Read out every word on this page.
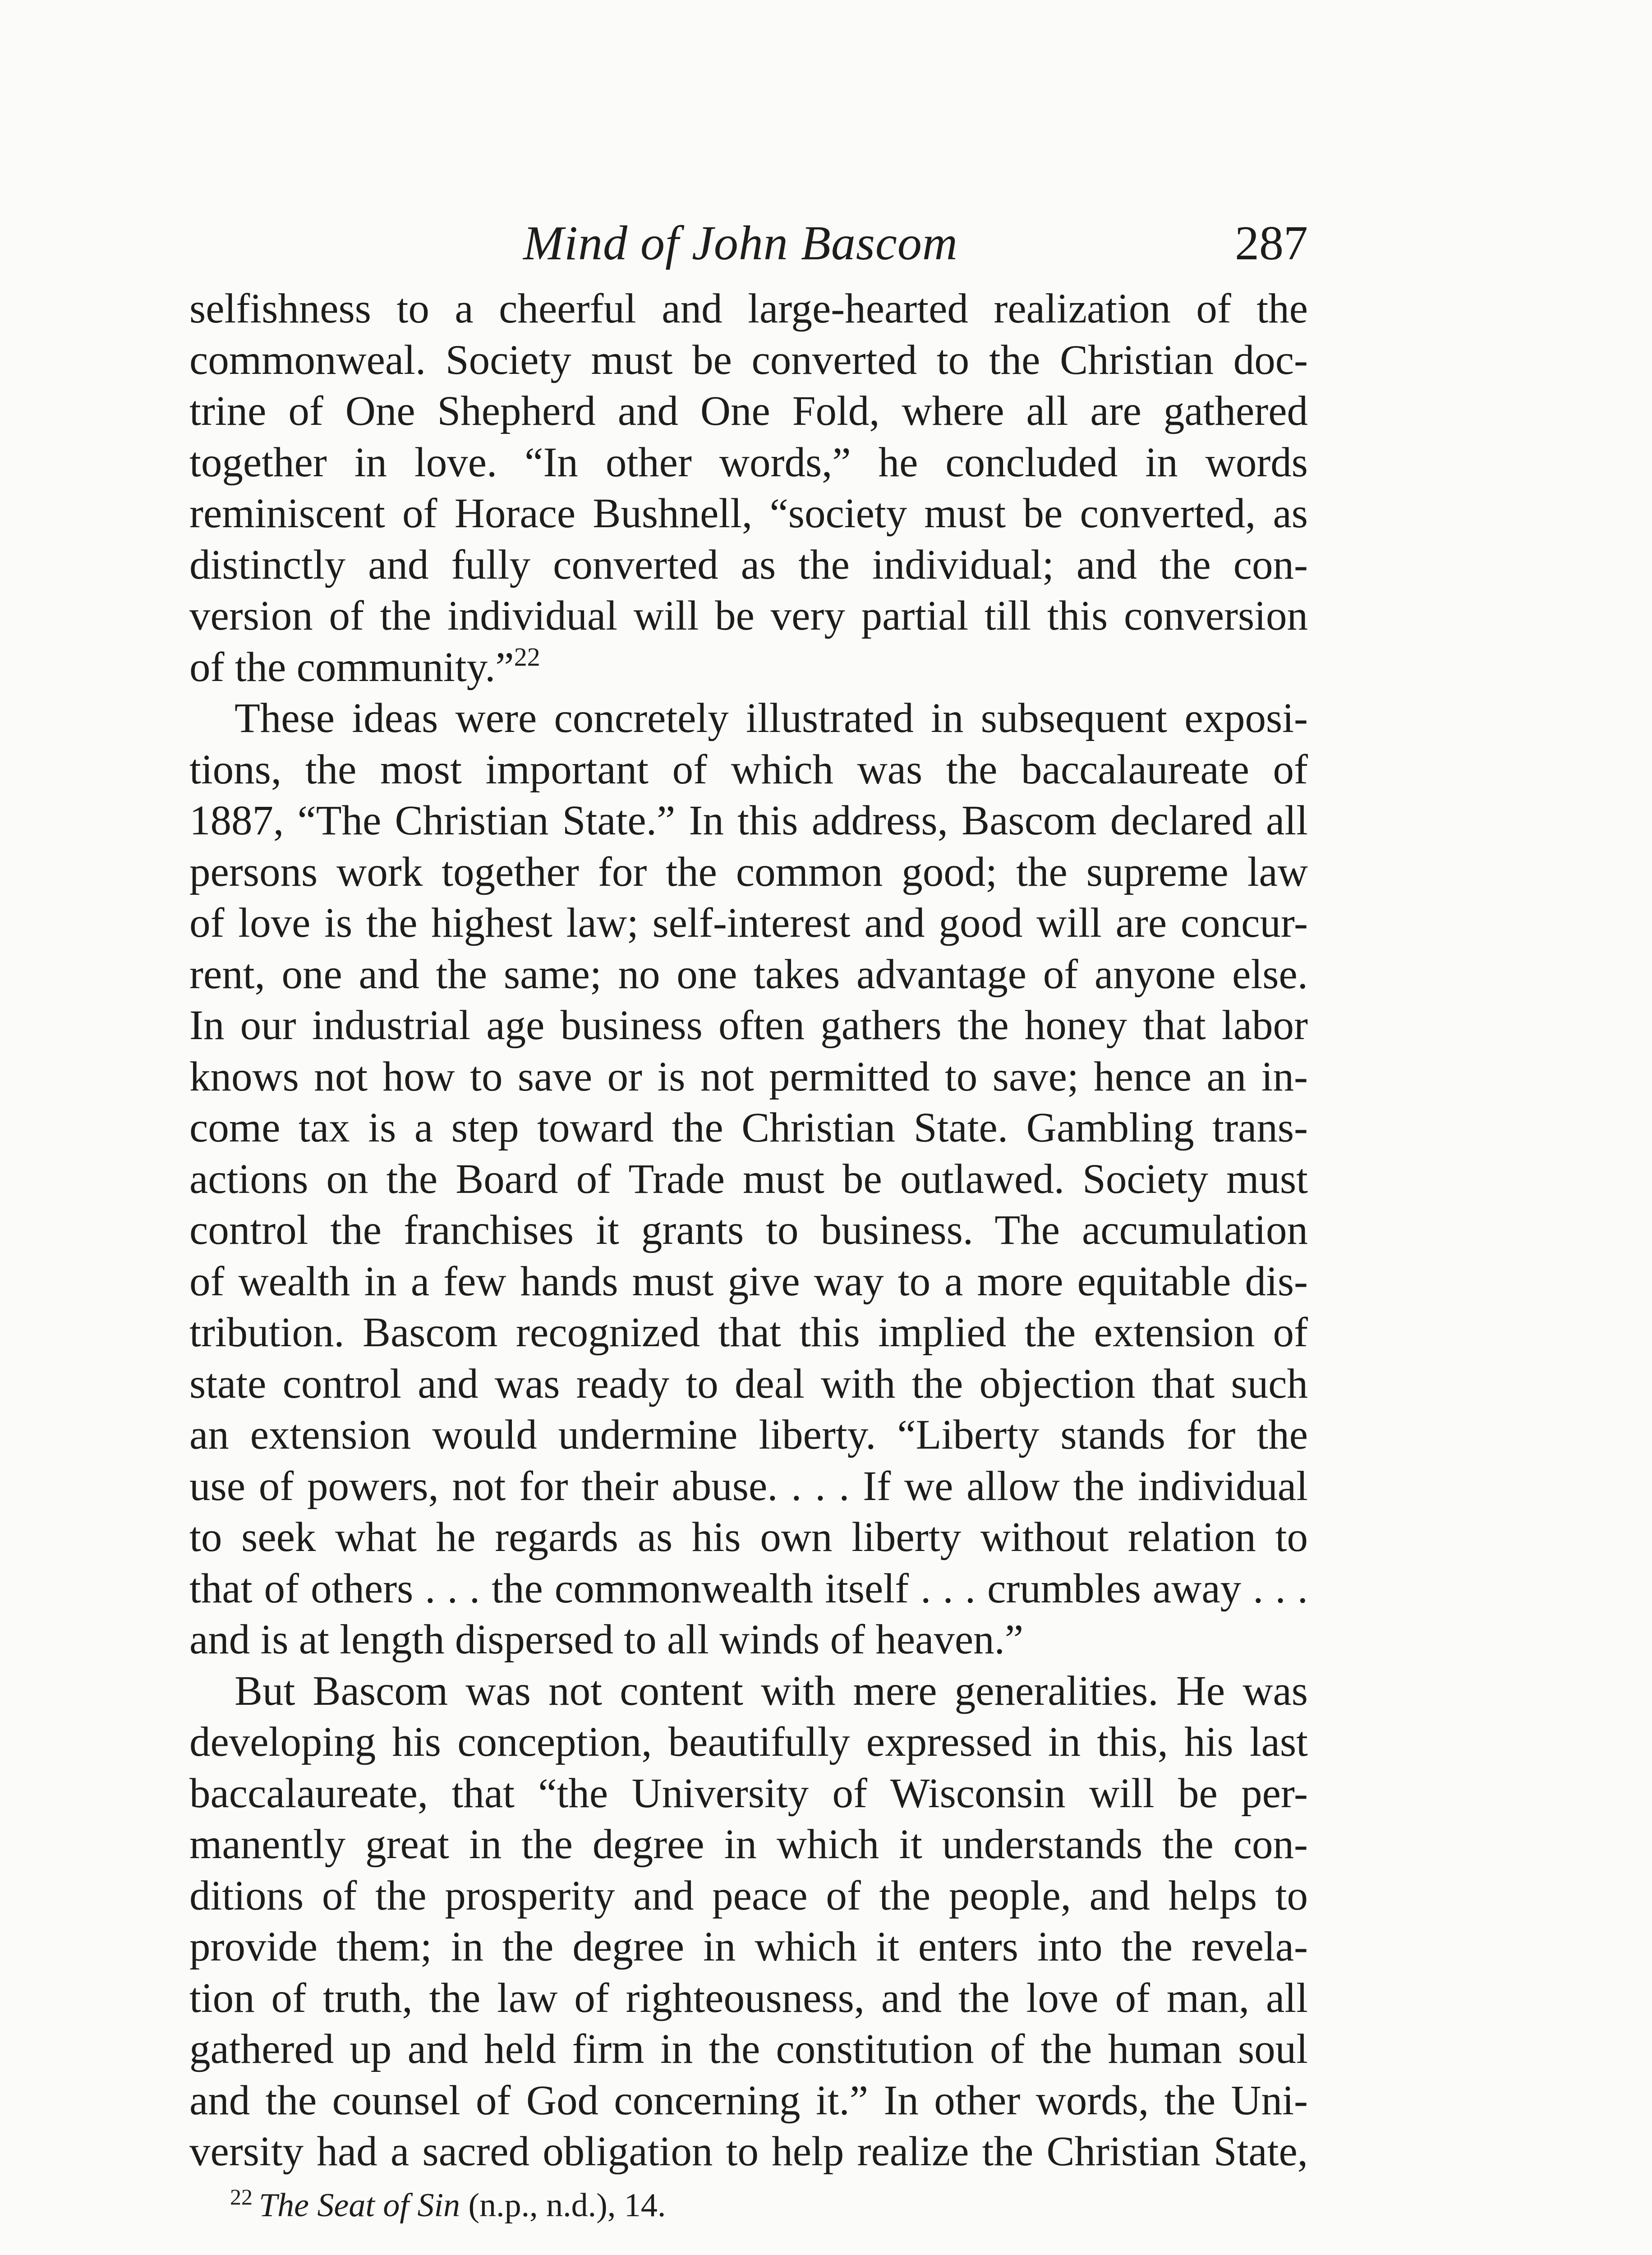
Mind of John Bascom	287
selfishness to a cheerful and large-hearted realization of the
commonweal. Society must be converted to the Christian doc-
trine of One Shepherd and One Fold, where all are gathered
together in love. “In other words,” he concluded in words
reminiscent of Horace Bushnell, “society must be converted, as
distinctly and fully converted as the individual; and the con-
version of the individual will be very partial till this conversion
of the community.”$^{22}$
These ideas were concretely illustrated in subsequent exposi-
tions, the most important of which was the baccalaureate of
1887, “The Christian State.” In this address, Bascom declared all
persons work together for the common good; the supreme law
of love is the highest law; self-interest and good will are concur-
rent, one and the same; no one takes advantage of anyone else.
In our industrial age business often gathers the honey that labor
knows not how to save or is not permitted to save; hence an in-
come tax is a step toward the Christian State. Gambling trans-
actions on the Board of Trade must be outlawed. Society must
control the franchises it grants to business. The accumulation
of wealth in a few hands must give way to a more equitable dis-
tribution. Bascom recognized that this implied the extension of
state control and was ready to deal with the objection that such
an extension would undermine liberty. “Liberty stands for the
use of powers, not for their abuse. . . . If we allow the individual
to seek what he regards as his own liberty without relation to
that of others . . . the commonwealth itself . . . crumbles away . . .
and is at length dispersed to all winds of heaven.”
But Bascom was not content with mere generalities. He was
developing his conception, beautifully expressed in this, his last
baccalaureate, that “the University of Wisconsin will be per-
manently great in the degree in which it understands the con-
ditions of the prosperity and peace of the people, and helps to
provide them; in the degree in which it enters into the revela-
tion of truth, the law of righteousness, and the love of man, all
gathered up and held firm in the constitution of the human soul
and the counsel of God concerning it.” In other words, the Uni-
versity had a sacred obligation to help realize the Christian State,
$^{22}$ The Seat of Sin (n.p., n.d.), 14.
